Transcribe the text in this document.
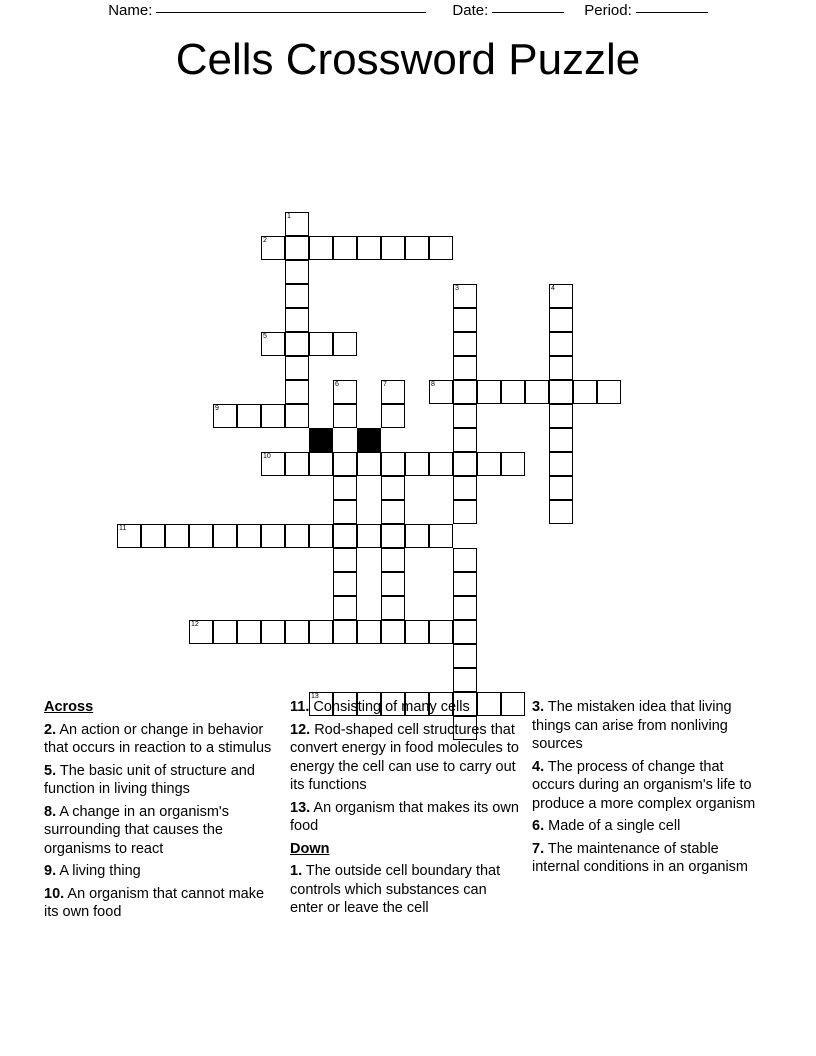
Name:	Date:	Period:
Cells Crossword Puzzle
1
2
3	4
5
6	7	8
9
10
11
12
13
Across
2. An action or change in behavior that occurs in reaction to a stimulus
5. The basic unit of structure and function in living things
8. A change in an organism's surrounding that causes the organisms to react
9. A living thing
10. An organism that cannot make its own food
11. Consisting of many cells
12. Rod-shaped cell structures that convert energy in food molecules to energy the cell can use to carry out its functions
13. An organism that makes its own food
Down
1. The outside cell boundary that controls which substances can enter or leave the cell
3. The mistaken idea that living things can arise from nonliving sources
4. The process of change that occurs during an organism's life to produce a more complex organism
6. Made of a single cell
7. The maintenance of stable internal conditions in an organism
